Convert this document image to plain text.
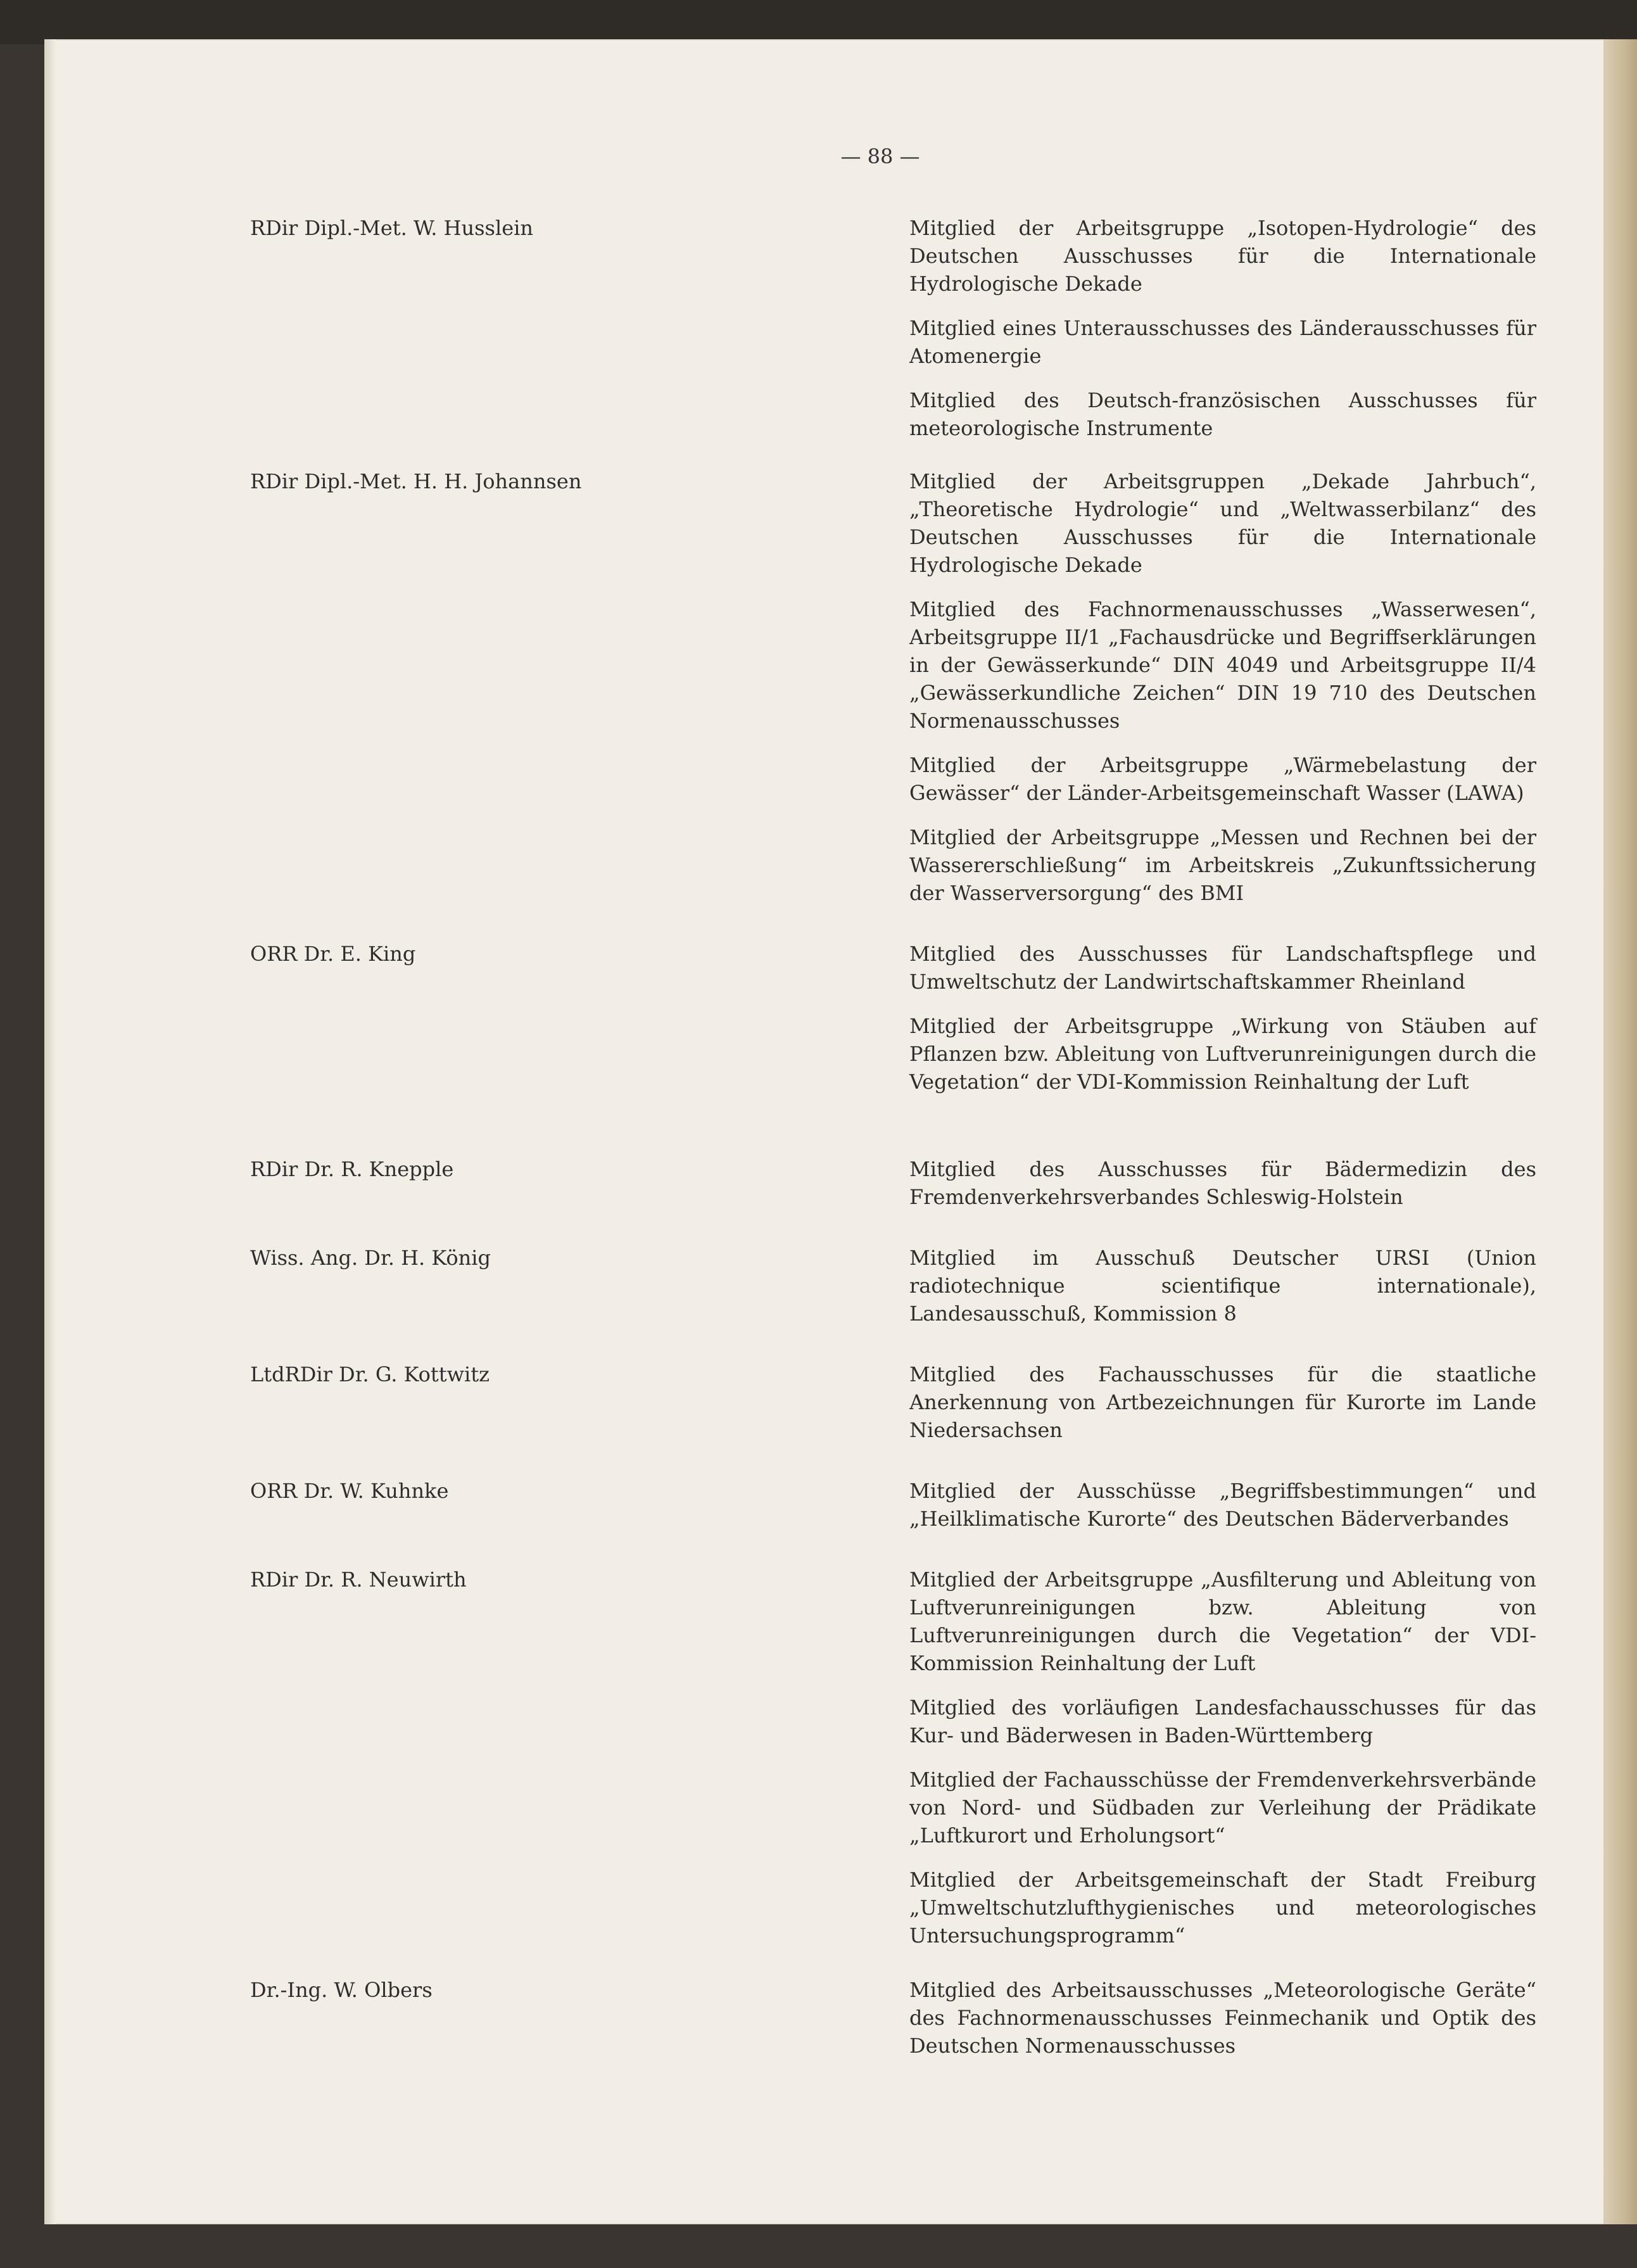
— 88 —
RDir Dipl.-Met. W. Husslein	Mitglied der Arbeitsgruppe „Isotopen-Hydrologie“ des Deutschen Ausschusses für die Internationale Hydrologische Dekade

Mitglied eines Unterausschusses des Länderausschusses für Atomenergie

Mitglied des Deutsch-französischen Ausschusses für meteorologische Instrumente

RDir Dipl.-Met. H. H. Johannsen	Mitglied der Arbeitsgruppen „Dekade Jahrbuch“, „Theoretische Hydrologie“ und „Weltwasserbilanz“ des Deutschen Ausschusses für die Internationale Hydrologische Dekade

Mitglied des Fachnormenausschusses „Wasserwesen“, Arbeitsgruppe II/1 „Fachausdrücke und Begriffserklärungen in der Gewässerkunde“ DIN 4049 und Arbeitsgruppe II/4 „Gewässerkundliche Zeichen“ DIN 19 710 des Deutschen Normenausschusses

Mitglied der Arbeitsgruppe „Wärmebelastung der Gewässer“ der Länder-Arbeitsgemeinschaft Wasser (LAWA)

Mitglied der Arbeitsgruppe „Messen und Rechnen bei der Wassererschließung“ im Arbeitskreis „Zukunftssicherung der Wasserversorgung“ des BMI

ORR Dr. E. King	Mitglied des Ausschusses für Landschaftspflege und Umweltschutz der Landwirtschaftskammer Rheinland

Mitglied der Arbeitsgruppe „Wirkung von Stäuben auf Pflanzen bzw. Ableitung von Luftverunreinigungen durch die Vegetation“ der VDI-Kommission Reinhaltung der Luft

RDir Dr. R. Knepple	Mitglied des Ausschusses für Bädermedizin des Fremdenverkehrsverbandes Schleswig-Holstein

Wiss. Ang. Dr. H. König	Mitglied im Ausschuß Deutscher URSI (Union radiotechnique scientifique internationale), Landesausschuß, Kommission 8

LtdRDir Dr. G. Kottwitz	Mitglied des Fachausschusses für die staatliche Anerkennung von Artbezeichnungen für Kurorte im Lande Niedersachsen

ORR Dr. W. Kuhnke	Mitglied der Ausschüsse „Begriffsbestimmungen“ und „Heilklimatische Kurorte“ des Deutschen Bäderverbandes

RDir Dr. R. Neuwirth	Mitglied der Arbeitsgruppe „Ausfilterung und Ableitung von Luftverunreinigungen bzw. Ableitung von Luftverunreinigungen durch die Vegetation“ der VDI-Kommission Reinhaltung der Luft

Mitglied des vorläufigen Landesfachausschusses für das Kur- und Bäderwesen in Baden-Württemberg

Mitglied der Fachausschüsse der Fremdenverkehrsverbände von Nord- und Südbaden zur Verleihung der Prädikate „Luftkurort und Erholungsort“

Mitglied der Arbeitsgemeinschaft der Stadt Freiburg „Umweltschutzlufthygienisches und meteorologisches Untersuchungsprogramm“

Dr.-Ing. W. Olbers	Mitglied des Arbeitsausschusses „Meteorologische Geräte“ des Fachnormenausschusses Feinmechanik und Optik des Deutschen Normenausschusses
